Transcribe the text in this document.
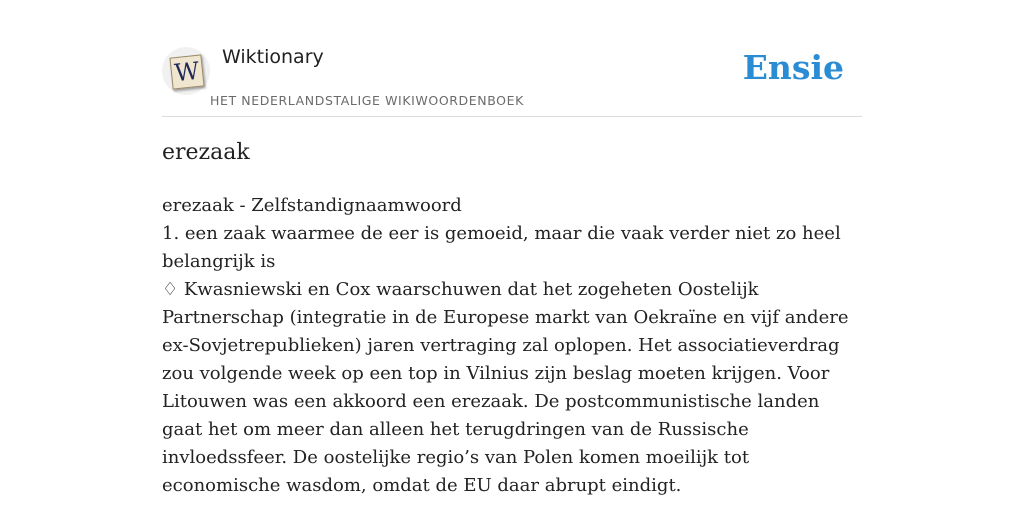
W Wiktionary
HET NEDERLANDSTALIGE WIKIWOORDENBOEK
Ensie
erezaak

erezaak - Zelfstandignaamwoord

1. een zaak waarmee de eer is gemoeid, maar die vaak verder niet zo heel belangrijk is

♢ Kwasniewski en Cox waarschuwen dat het zogeheten Oostelijk Partnerschap (integratie in de Europese markt van Oekraïne en vijf andere ex-Sovjetrepublieken) jaren vertraging zal oplopen. Het associatieverdrag zou volgende week op een top in Vilnius zijn beslag moeten krijgen. Voor Litouwen was een akkoord een erezaak. De postcommunistische landen gaat het om meer dan alleen het terugdringen van de Russische invloedssfeer. De oostelijke regio’s van Polen komen moeilijk tot economische wasdom, omdat de EU daar abrupt eindigt.
